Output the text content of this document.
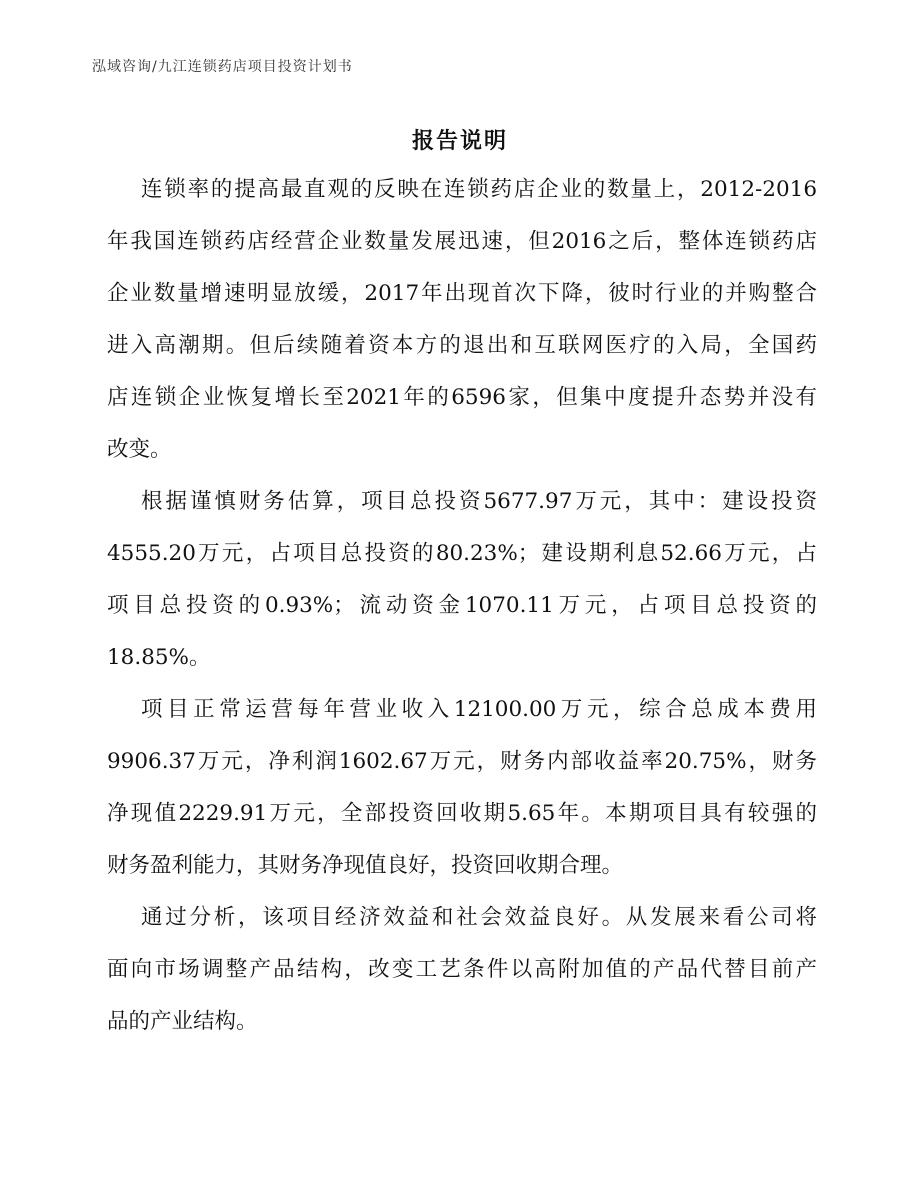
泓域咨询/九江连锁药店项目投资计划书
报告说明
连锁率的提高最直观的反映在连锁药店企业的数量上，2012-2016
年我国连锁药店经营企业数量发展迅速，但2016之后，整体连锁药店
企业数量增速明显放缓，2017年出现首次下降，彼时行业的并购整合
进入高潮期。但后续随着资本方的退出和互联网医疗的入局，全国药
店连锁企业恢复增长至2021年的6596家，但集中度提升态势并没有
改变。
根据谨慎财务估算，项目总投资5677.97万元，其中：建设投资
4555.20万元，占项目总投资的80.23%；建设期利息52.66万元，占
项目总投资的0.93%；流动资金1070.11万元，占项目总投资的
18.85%。
项目正常运营每年营业收入12100.00万元，综合总成本费用
9906.37万元，净利润1602.67万元，财务内部收益率20.75%，财务
净现值2229.91万元，全部投资回收期5.65年。本期项目具有较强的
财务盈利能力，其财务净现值良好，投资回收期合理。
通过分析，该项目经济效益和社会效益良好。从发展来看公司将
面向市场调整产品结构，改变工艺条件以高附加值的产品代替目前产
品的产业结构。
